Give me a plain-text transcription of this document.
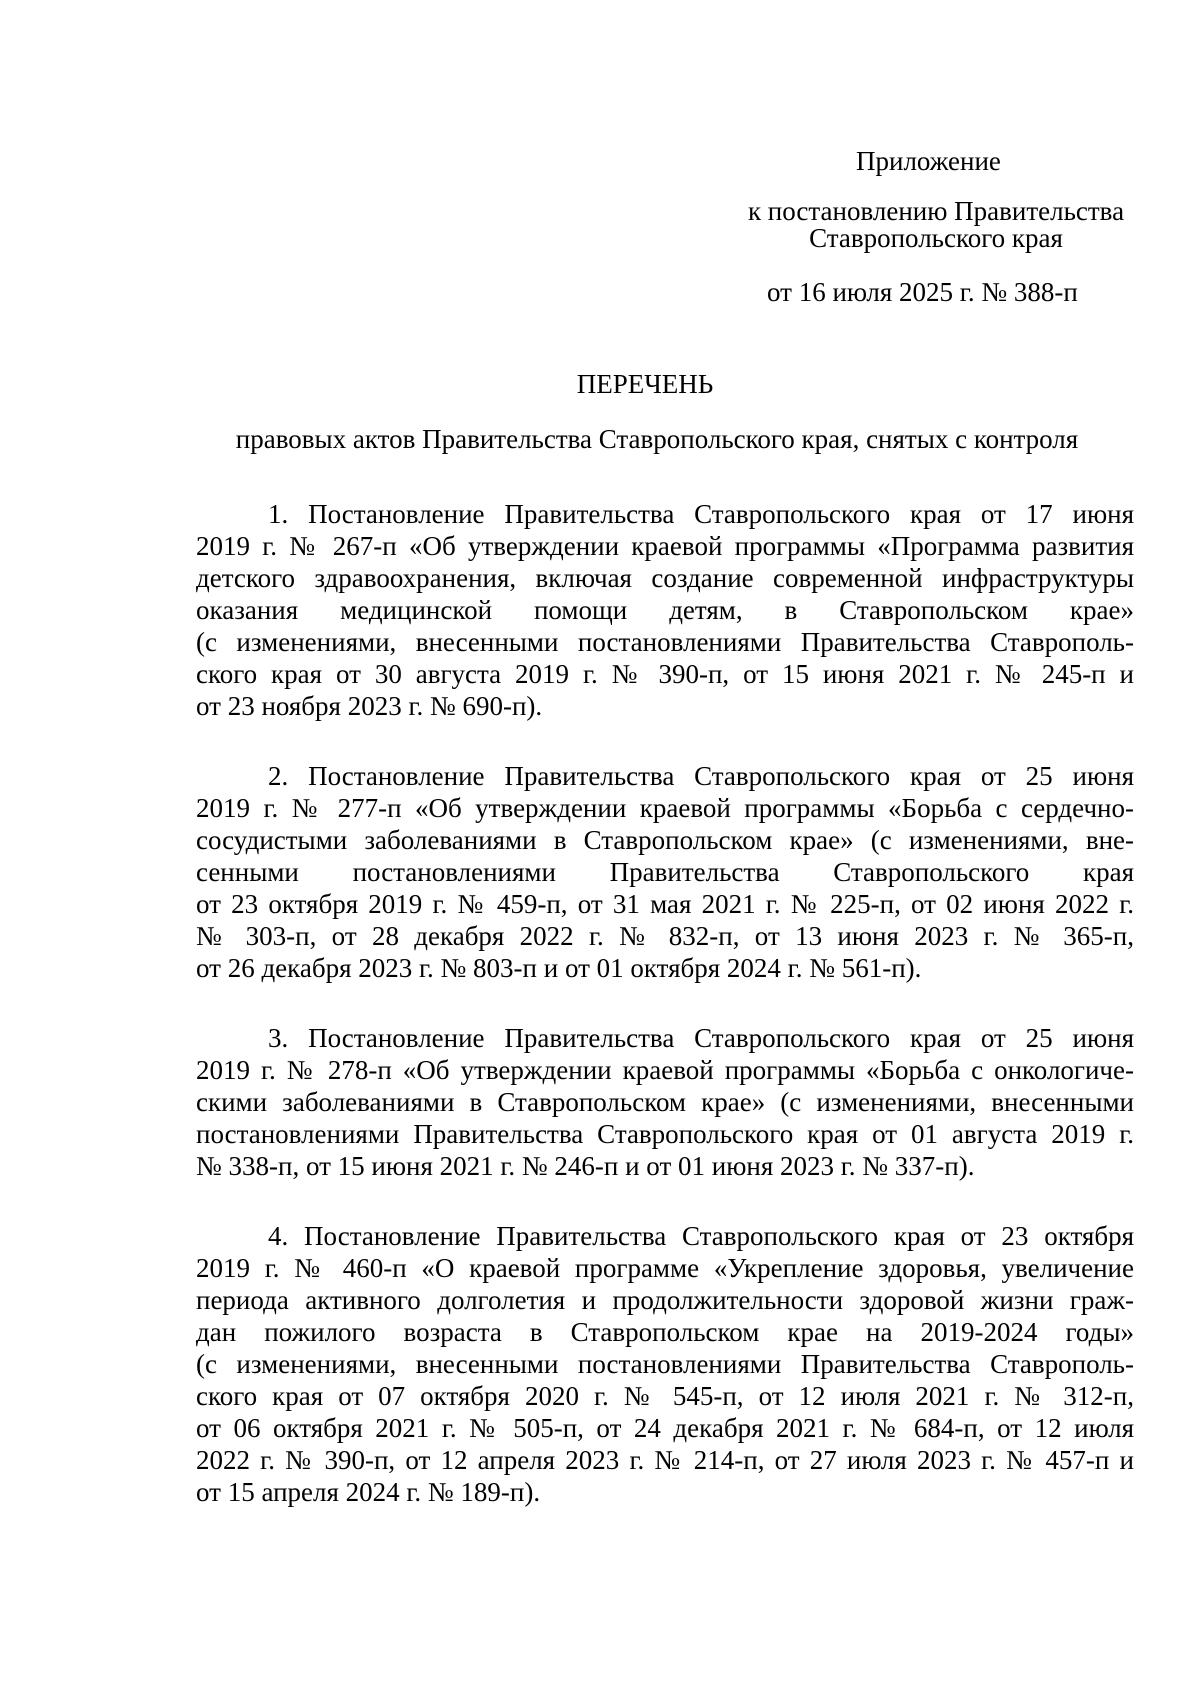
Приложение
к постановлению Правительства
Ставропольского края
от 16 июля 2025 г. № 388-п
ПЕРЕЧЕНЬ
правовых актов Правительства Ставропольского края, снятых с контроля
1. Постановление Правительства Ставропольского края от 17 июня
2019 г. № 267-п «Об утверждении краевой программы «Программа развития
детского здравоохранения, включая создание современной инфраструктуры
оказания медицинской помощи детям, в Ставропольском крае»
(с изменениями, внесенными постановлениями Правительства Ставрополь-
ского края от 30 августа 2019 г. № 390-п, от 15 июня 2021 г. № 245-п и
от 23 ноября 2023 г. № 690-п).
2. Постановление Правительства Ставропольского края от 25 июня
2019 г. № 277-п «Об утверждении краевой программы «Борьба с сердечно-
сосудистыми заболеваниями в Ставропольском крае» (с изменениями, вне-
сенными постановлениями Правительства Ставропольского края
от 23 октября 2019 г. № 459-п, от 31 мая 2021 г. № 225-п, от 02 июня 2022 г.
№ 303-п, от 28 декабря 2022 г. № 832-п, от 13 июня 2023 г. № 365-п,
от 26 декабря 2023 г. № 803-п и от 01 октября 2024 г. № 561-п).
3. Постановление Правительства Ставропольского края от 25 июня
2019 г. № 278-п «Об утверждении краевой программы «Борьба с онкологиче-
скими заболеваниями в Ставропольском крае» (с изменениями, внесенными
постановлениями Правительства Ставропольского края от 01 августа 2019 г.
№ 338-п, от 15 июня 2021 г. № 246-п и от 01 июня 2023 г. № 337-п).
4. Постановление Правительства Ставропольского края от 23 октября
2019 г. № 460-п «О краевой программе «Укрепление здоровья, увеличение
периода активного долголетия и продолжительности здоровой жизни граж-
дан пожилого возраста в Ставропольском крае на 2019-2024 годы»
(с изменениями, внесенными постановлениями Правительства Ставрополь-
ского края от 07 октября 2020 г. № 545-п, от 12 июля 2021 г. № 312-п,
от 06 октября 2021 г. № 505-п, от 24 декабря 2021 г. № 684-п, от 12 июля
2022 г. № 390-п, от 12 апреля 2023 г. № 214-п, от 27 июля 2023 г. № 457-п и
от 15 апреля 2024 г. № 189-п).
